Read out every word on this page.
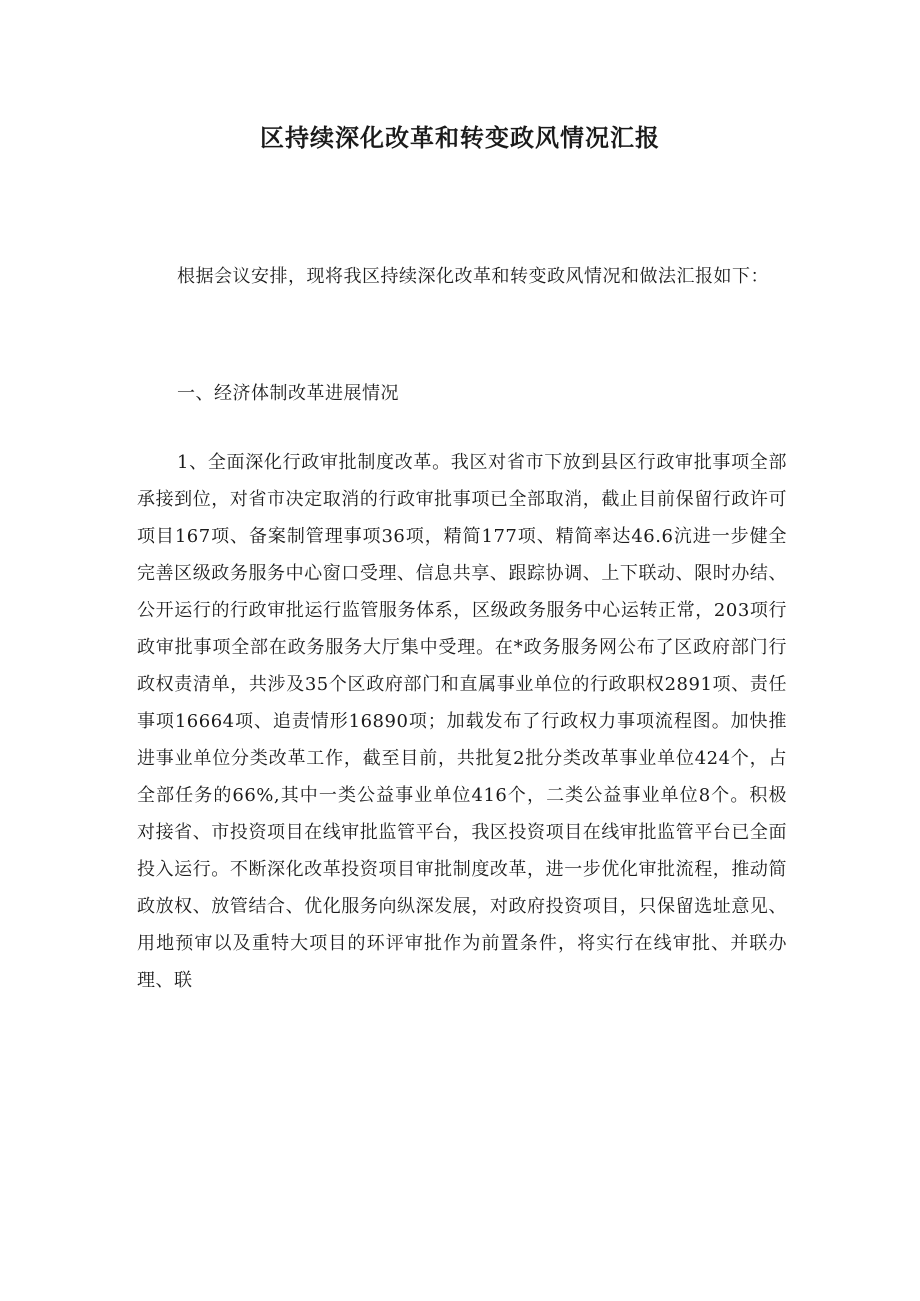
区持续深化改革和转变政风情况汇报

根据会议安排，现将我区持续深化改革和转变政风情况和做法汇报如下：

一、经济体制改革进展情况

1、全面深化行政审批制度改革。我区对省市下放到县区行政审批事项全部承接到位，对省市决定取消的行政审批事项已全部取消，截止目前保留行政许可项目167项、备案制管理事项36项，精简177项、精简率达46.6沆进一步健全完善区级政务服务中心窗口受理、信息共享、跟踪协调、上下联动、限时办结、公开运行的行政审批运行监管服务体系，区级政务服务中心运转正常，203项行政审批事项全部在政务服务大厅集中受理。在*政务服务网公布了区政府部门行政权责清单，共涉及35个区政府部门和直属事业单位的行政职权2891项、责任事项16664项、追责情形16890项；加载发布了行政权力事项流程图。加快推进事业单位分类改革工作，截至目前，共批复2批分类改革事业单位424个，占全部任务的66%,其中一类公益事业单位416个，二类公益事业单位8个。积极对接省、市投资项目在线审批监管平台，我区投资项目在线审批监管平台已全面投入运行。不断深化改革投资项目审批制度改革，进一步优化审批流程，推动简政放权、放管结合、优化服务向纵深发展，对政府投资项目，只保留选址意见、用地预审以及重特大项目的环评审批作为前置条件，将实行在线审批、并联办理、联
